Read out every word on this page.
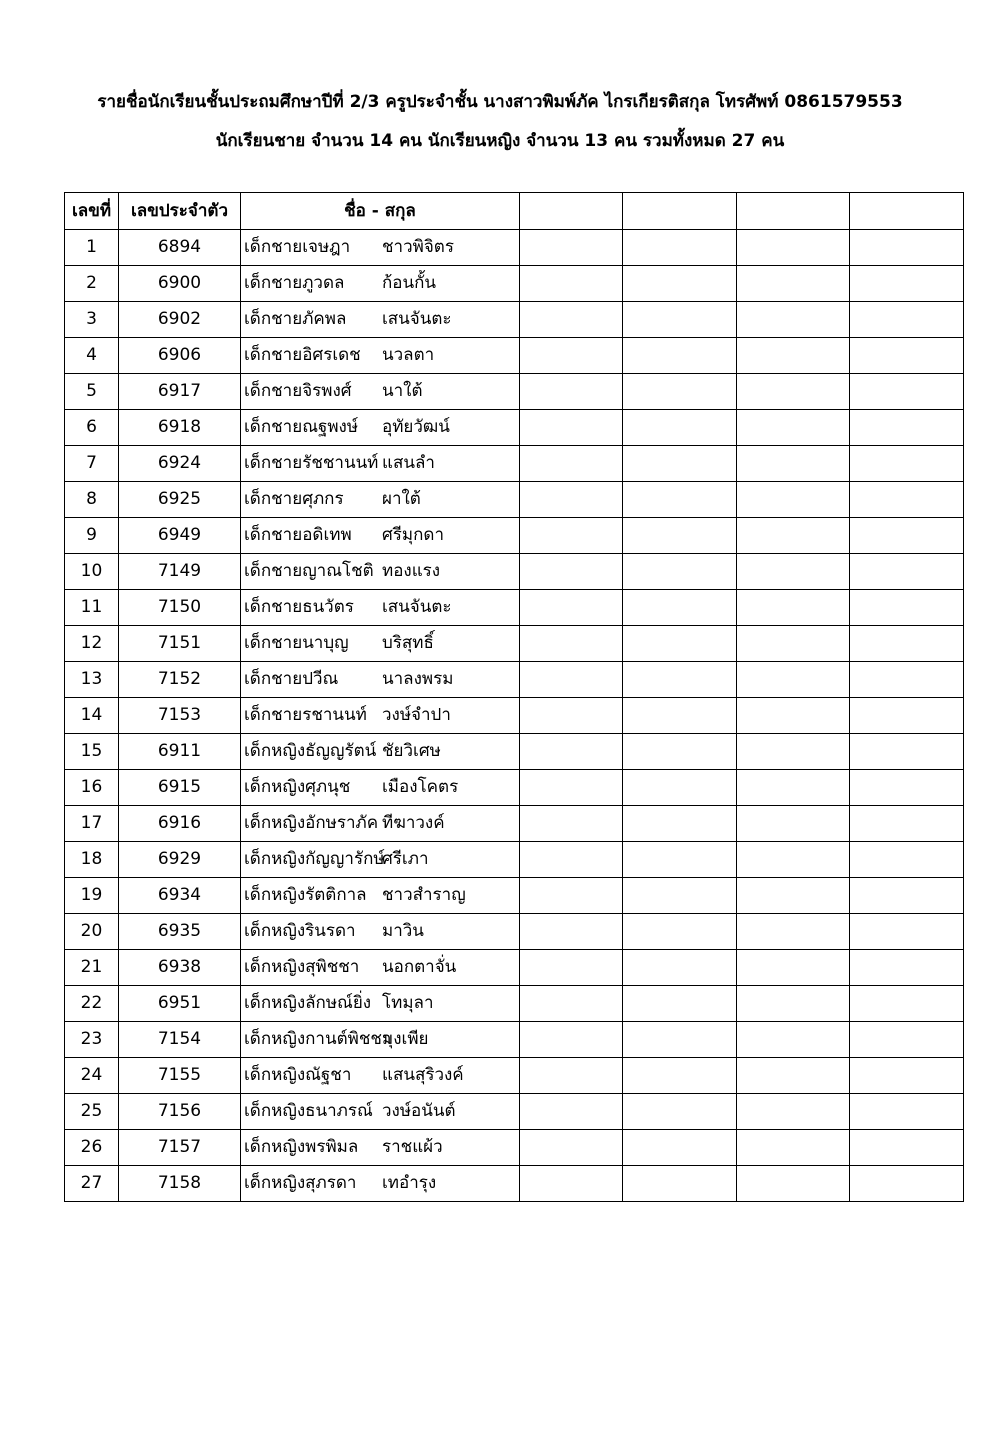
รายชื่อนักเรียนชั้นประถมศึกษาปีที่ 2/3 ครูประจำชั้น นางสาวพิมพ์ภัค ไกรเกียรติสกุล โทรศัพท์ 0861579553
นักเรียนชาย จำนวน 14 คน นักเรียนหญิง จำนวน 13 คน รวมทั้งหมด 27 คน
เลขที่	เลขประจำตัว	ชื่อ - สกุล				
1	6894	เด็กชายเจษฎา ชาวพิจิตร				
2	6900	เด็กชายภูวดล ก้อนกั้น				
3	6902	เด็กชายภัคพล เสนจันตะ				
4	6906	เด็กชายอิศรเดช นวลตา				
5	6917	เด็กชายจิรพงศ์ นาใต้				
6	6918	เด็กชายณฐพงษ์ อุทัยวัฒน์				
7	6924	เด็กชายรัชชานนท์ แสนลำ				
8	6925	เด็กชายศุภกร ผาใต้				
9	6949	เด็กชายอดิเทพ ศรีมุกดา				
10	7149	เด็กชายญาณโชติ ทองแรง				
11	7150	เด็กชายธนวัตร เสนจันตะ				
12	7151	เด็กชายนาบุญ บริสุทธิ์				
13	7152	เด็กชายปวีณ นาลงพรม				
14	7153	เด็กชายรชานนท์ วงษ์จำปา				
15	6911	เด็กหญิงธัญญรัตน์ ชัยวิเศษ				
16	6915	เด็กหญิงศุภนุช เมืองโคตร				
17	6916	เด็กหญิงอักษราภัค ทีฆาวงค์				
18	6929	เด็กหญิงกัญญารักษ์ศรีเภา				
19	6934	เด็กหญิงรัตติกาล ชาวสำราญ				
20	6935	เด็กหญิงรินรดา มาวิน				
21	6938	เด็กหญิงสุพิชชา นอกตาจั่น				
22	6951	เด็กหญิงลักษณ์ยิ่ง โทมุลา				
23	7154	เด็กหญิงกานต์พิชชามุงเพีย				
24	7155	เด็กหญิงณัฐชา แสนสุริวงค์				
25	7156	เด็กหญิงธนาภรณ์ วงษ์อนันต์				
26	7157	เด็กหญิงพรพิมล ราชแผ้ว				
27	7158	เด็กหญิงสุภรดา เทอำรุง				
